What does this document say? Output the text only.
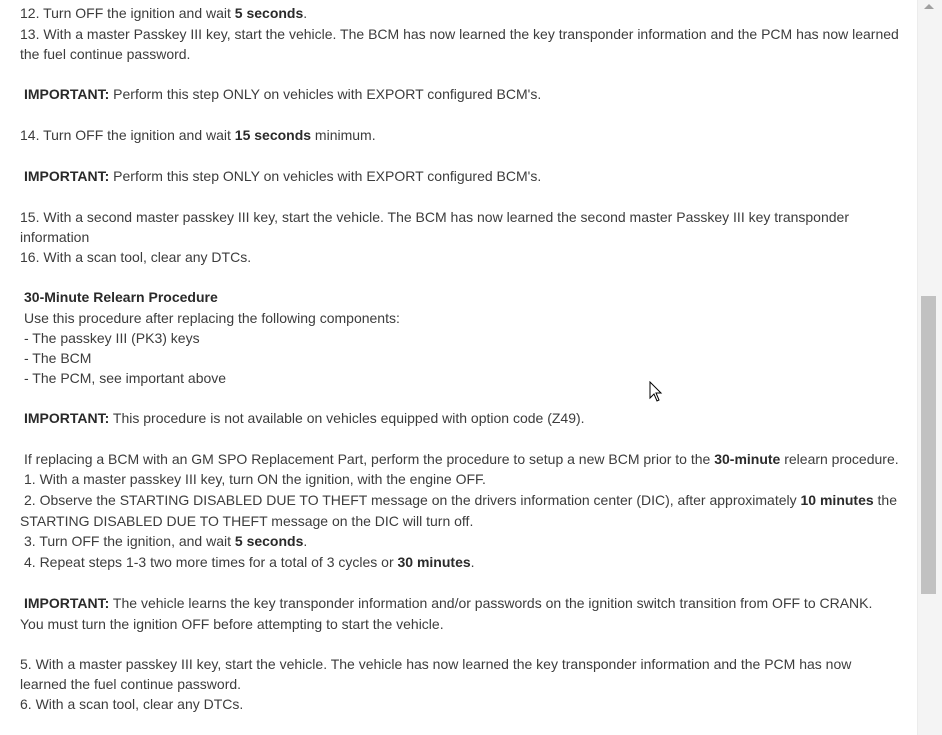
12. Turn OFF the ignition and wait 5 seconds.
13. With a master Passkey III key, start the vehicle. The BCM has now learned the key transponder information and the PCM has now learned
the fuel continue password.
IMPORTANT: Perform this step ONLY on vehicles with EXPORT configured BCM's.
14. Turn OFF the ignition and wait 15 seconds minimum.
IMPORTANT: Perform this step ONLY on vehicles with EXPORT configured BCM's.
15. With a second master passkey III key, start the vehicle. The BCM has now learned the second master Passkey III key transponder
information
16. With a scan tool, clear any DTCs.
30-Minute Relearn Procedure
Use this procedure after replacing the following components:
- The passkey III (PK3) keys
- The BCM
- The PCM, see important above
IMPORTANT: This procedure is not available on vehicles equipped with option code (Z49).
If replacing a BCM with an GM SPO Replacement Part, perform the procedure to setup a new BCM prior to the 30-minute relearn procedure.
1. With a master passkey III key, turn ON the ignition, with the engine OFF.
2. Observe the STARTING DISABLED DUE TO THEFT message on the drivers information center (DIC), after approximately 10 minutes the
STARTING DISABLED DUE TO THEFT message on the DIC will turn off.
3. Turn OFF the ignition, and wait 5 seconds.
4. Repeat steps 1-3 two more times for a total of 3 cycles or 30 minutes.
IMPORTANT: The vehicle learns the key transponder information and/or passwords on the ignition switch transition from OFF to CRANK.
You must turn the ignition OFF before attempting to start the vehicle.
5. With a master passkey III key, start the vehicle. The vehicle has now learned the key transponder information and the PCM has now
learned the fuel continue password.
6. With a scan tool, clear any DTCs.
